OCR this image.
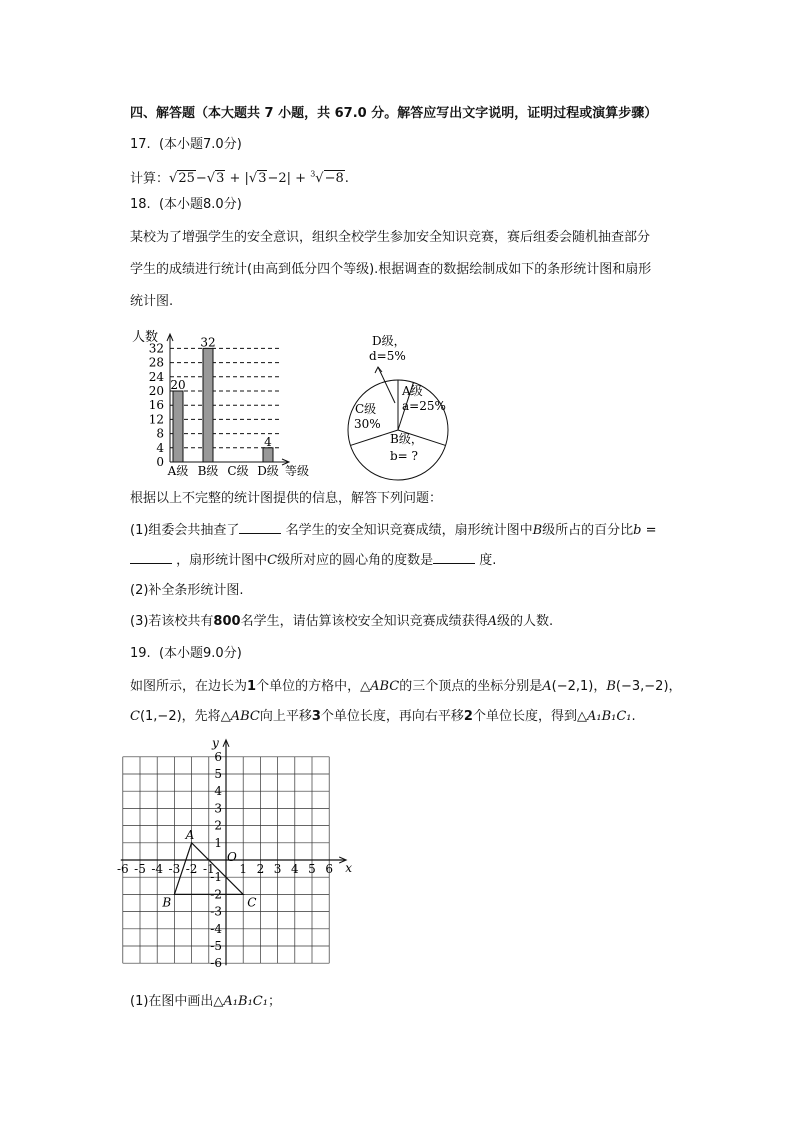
四、解答题（本大题共 7 小题，共 67.0 分。解答应写出文字说明，证明过程或演算步骤）
17. (本小题7.0分)
计算：√25−√3 + |√3−2| + $^3$√−8.
18. (本小题8.0分)
某校为了增强学生的安全意识，组织全校学生参加安全知识竞赛，赛后组委会随机抽查部分
学生的成绩进行统计(由高到低分四个等级).根据调查的数据绘制成如下的条形统计图和扇形
统计图.
0
4
8
12
16
20
24
28
32
人数
等级
A级
20
B级
32
C级 D级
4
A级
a=25%
B级，
b= ?
C级
30%
D级，
d=5%
根据以上不完整的统计图提供的信息，解答下列问题：
(1)组委会共抽查了	名学生的安全知识竞赛成绩，扇形统计图中B级所占的百分比b =
，扇形统计图中C级所对应的圆心角的度数是	度.
(2)补全条形统计图.
(3)若该校共有800名学生，请估算该校安全知识竞赛成绩获得A级的人数.
19. (本小题9.0分)
如图所示，在边长为1个单位的方格中，△ABC的三个顶点的坐标分别是A(−2,1)，B(−3,−2)，
C(1,−2)，先将△ABC向上平移3个单位长度，再向右平移2个单位长度，得到△A₁B₁C₁.
x
y
O
-6 -5 -4 -3 -2 -1 1 2 3 4 5 6
6
5
4
3
2
1
-1
-2
-3
-4
-5
-6
A
B	C
(1)在图中画出△A₁B₁C₁；
